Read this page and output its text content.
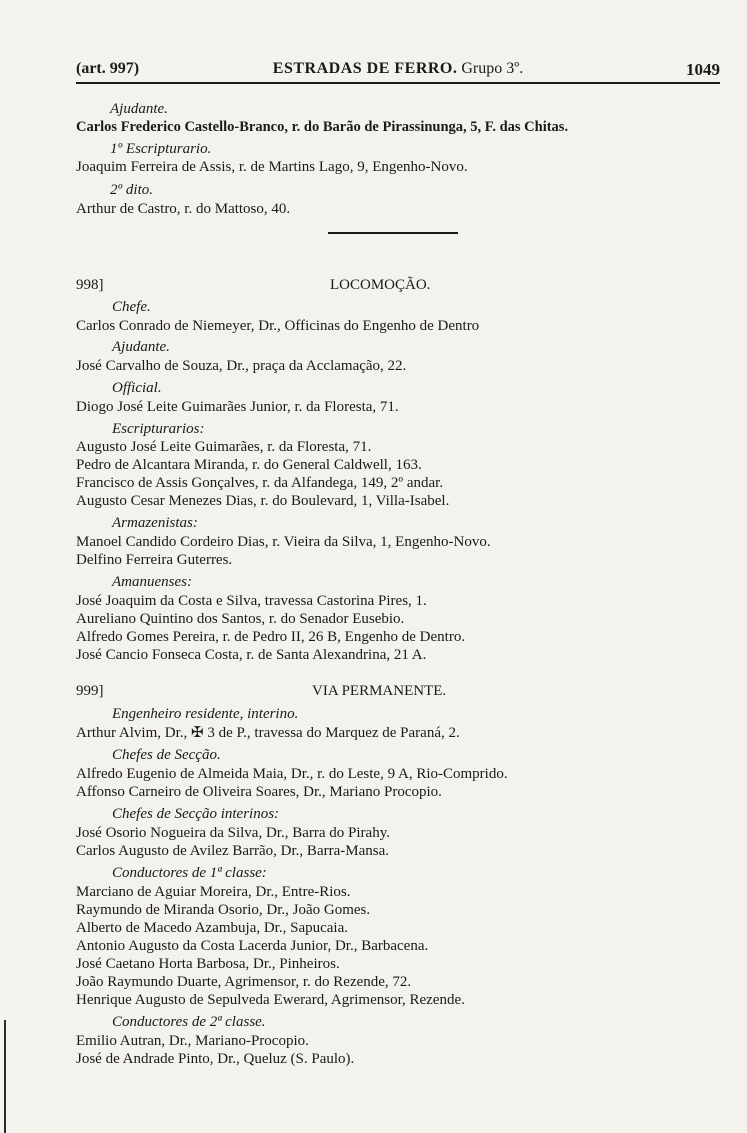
(art. 997)	ESTRADAS DE FERRO. Grupo 3º.	1049
Ajudante.
Carlos Frederico Castello-Branco, r. do Barão de Pirassinunga, 5, F. das Chitas.
1º Escripturario.
Joaquim Ferreira de Assis, r. de Martins Lago, 9, Engenho-Novo.
2º dito.
Arthur de Castro, r. do Mattoso, 40.
998]	LOCOMOÇÃO.
Chefe.
Carlos Conrado de Niemeyer, Dr., Officinas do Engenho de Dentro
Ajudante.
José Carvalho de Souza, Dr., praça da Acclamação, 22.
Official.
Diogo José Leite Guimarães Junior, r. da Floresta, 71.
Escripturarios:
Augusto José Leite Guimarães, r. da Floresta, 71.
Pedro de Alcantara Miranda, r. do General Caldwell, 163.
Francisco de Assis Gonçalves, r. da Alfandega, 149, 2º andar.
Augusto Cesar Menezes Dias, r. do Boulevard, 1, Villa-Isabel.
Armazenistas:
Manoel Candido Cordeiro Dias, r. Vieira da Silva, 1, Engenho-Novo.
Delfino Ferreira Guterres.
Amanuenses:
José Joaquim da Costa e Silva, travessa Castorina Pires, 1.
Aureliano Quintino dos Santos, r. do Senador Eusebio.
Alfredo Gomes Pereira, r. de Pedro II, 26 B, Engenho de Dentro.
José Cancio Fonseca Costa, r. de Santa Alexandrina, 21 A.
999]	VIA PERMANENTE.
Engenheiro residente, interino.
Arthur Alvim, Dr., ✠ 3 de P., travessa do Marquez de Paraná, 2.
Chefes de Secção.
Alfredo Eugenio de Almeida Maia, Dr., r. do Leste, 9 A, Rio-Comprido.
Affonso Carneiro de Oliveira Soares, Dr., Mariano Procopio.
Chefes de Secção interinos:
José Osorio Nogueira da Silva, Dr., Barra do Pirahy.
Carlos Augusto de Avilez Barrão, Dr., Barra-Mansa.
Conductores de 1ª classe:
Marciano de Aguiar Moreira, Dr., Entre-Rios.
Raymundo de Miranda Osorio, Dr., João Gomes.
Alberto de Macedo Azambuja, Dr., Sapucaia.
Antonio Augusto da Costa Lacerda Junior, Dr., Barbacena.
José Caetano Horta Barbosa, Dr., Pinheiros.
João Raymundo Duarte, Agrimensor, r. do Rezende, 72.
Henrique Augusto de Sepulveda Ewerard, Agrimensor, Rezende.
Conductores de 2ª classe.
Emilio Autran, Dr., Mariano-Procopio.
José de Andrade Pinto, Dr., Queluz (S. Paulo).
